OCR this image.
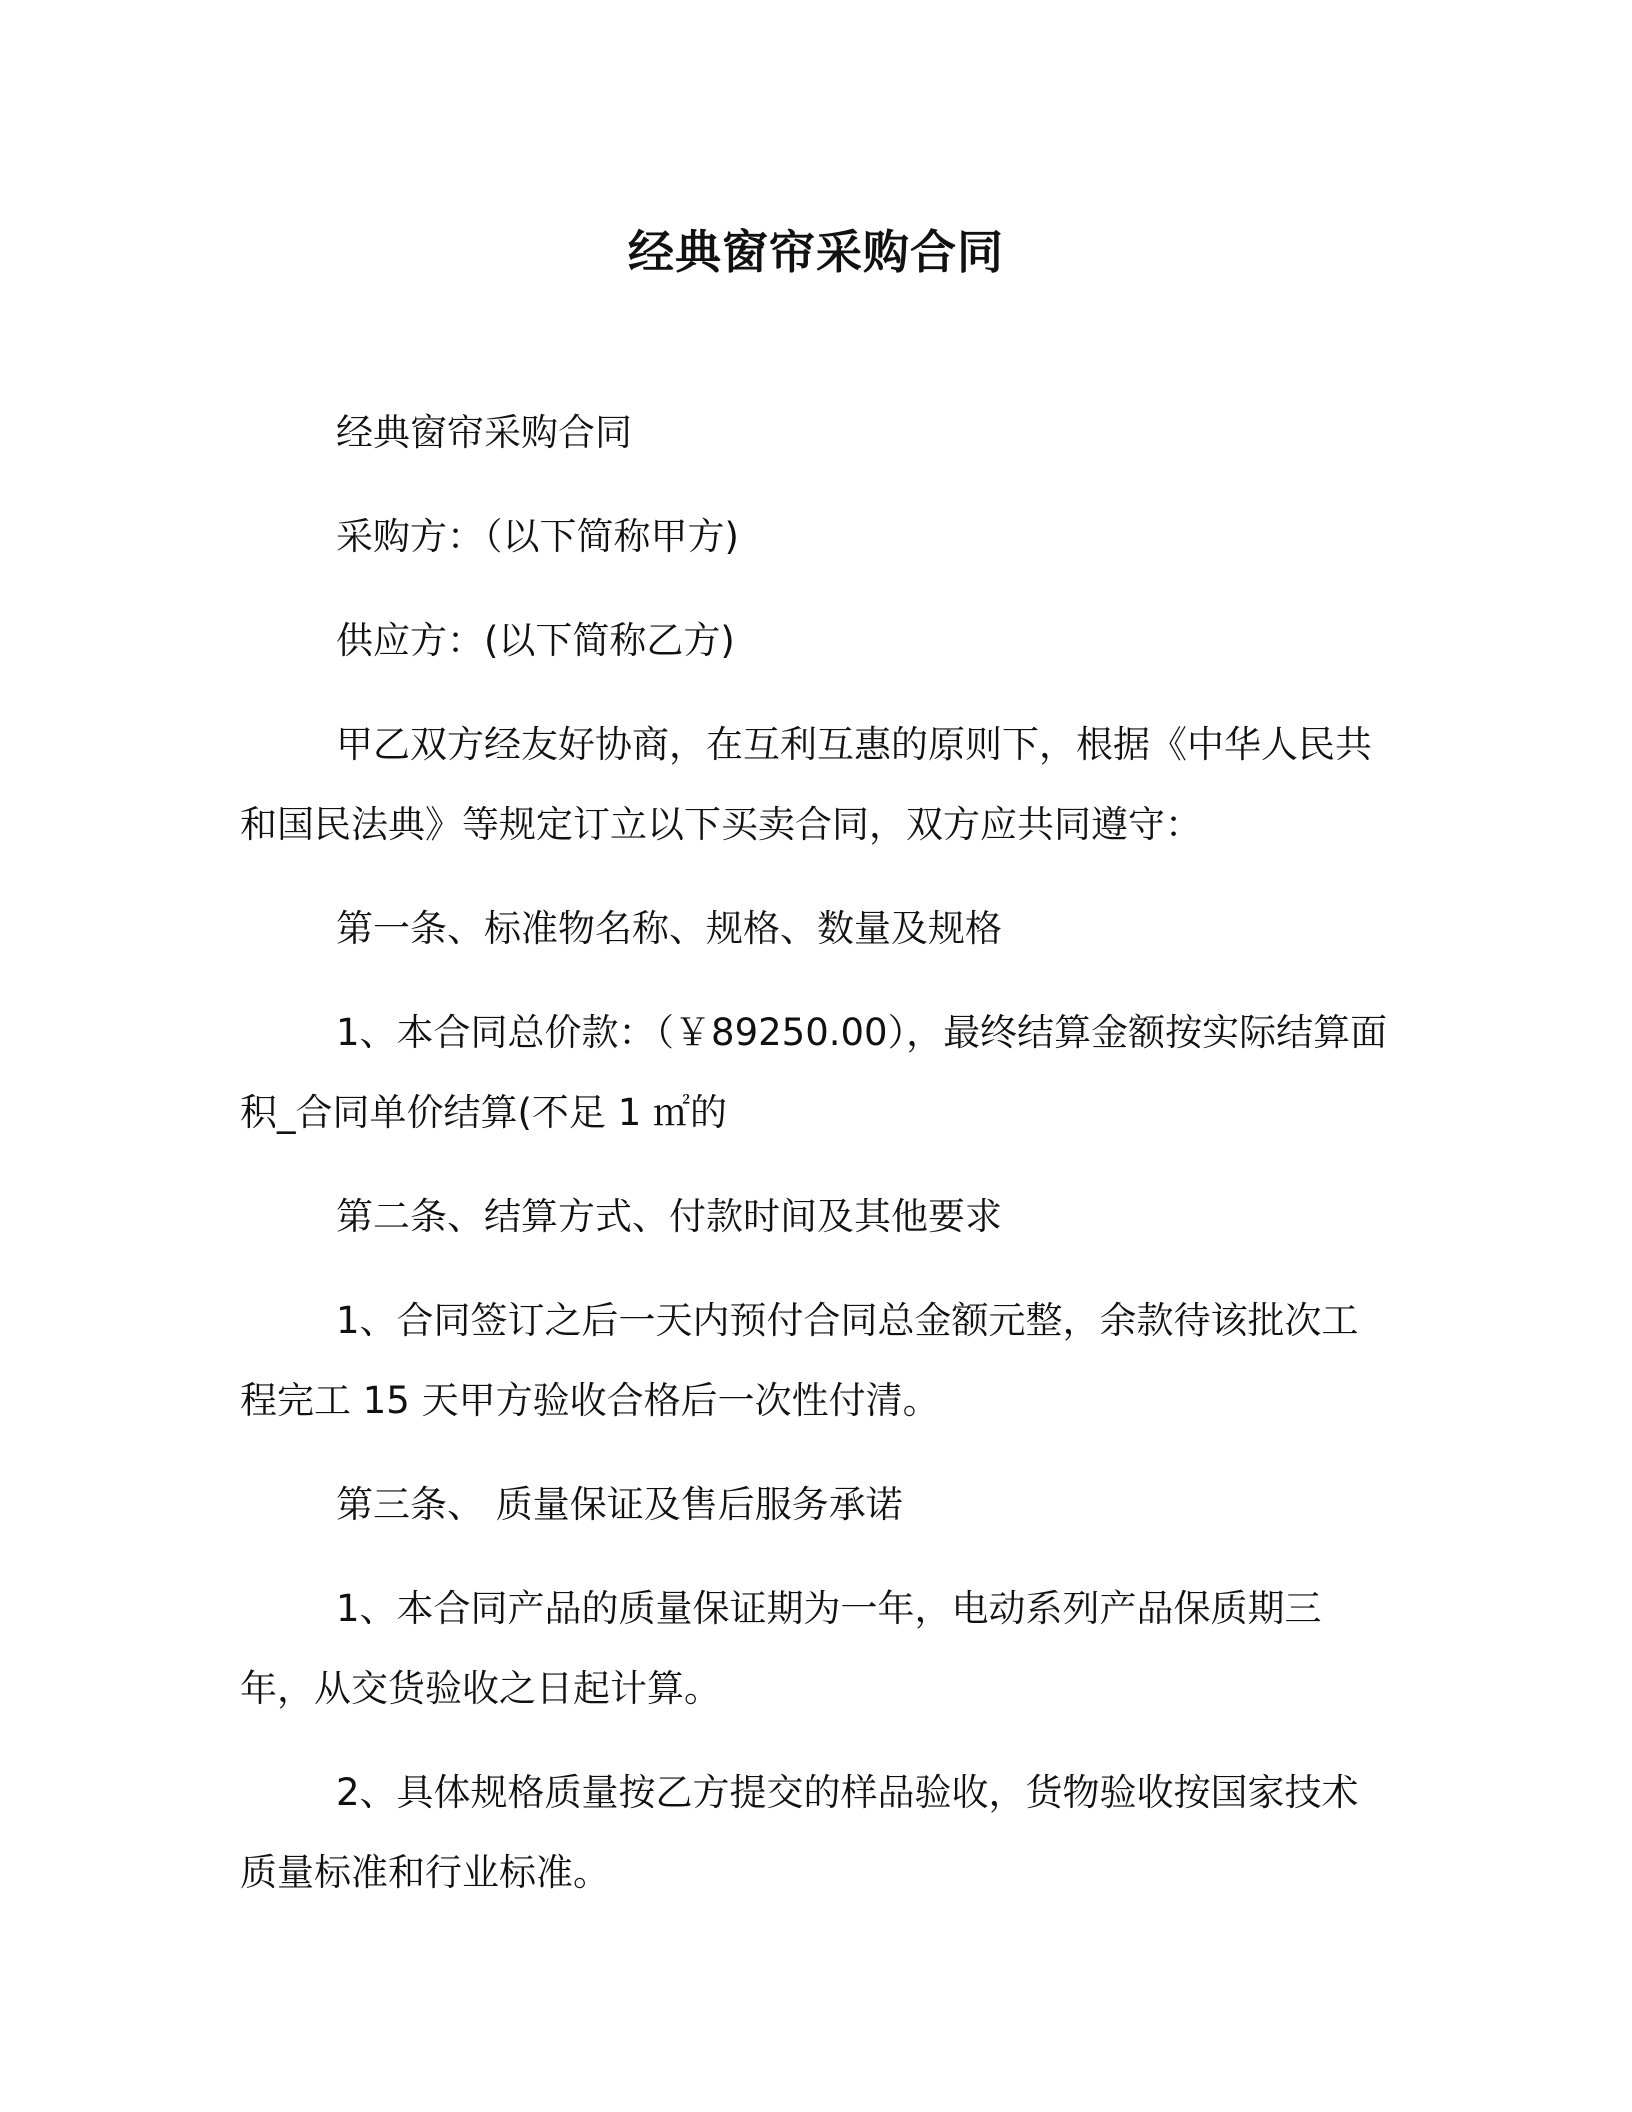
经典窗帘采购合同

经典窗帘采购合同

采购方：（以下简称甲方)

供应方：(以下简称乙方)

甲乙双方经友好协商，在互利互惠的原则下，根据《中华人民共和国民法典》等规定订立以下买卖合同，双方应共同遵守：

第一条、标准物名称、规格、数量及规格

1、本合同总价款：（￥89250.00），最终结算金额按实际结算面积_合同单价结算(不足 1 ㎡的

第二条、结算方式、付款时间及其他要求

1、合同签订之后一天内预付合同总金额元整，余款待该批次工程完工 15 天甲方验收合格后一次性付清。

第三条、 质量保证及售后服务承诺

1、本合同产品的质量保证期为一年，电动系列产品保质期三年，从交货验收之日起计算。

2、具体规格质量按乙方提交的样品验收，货物验收按国家技术质量标准和行业标准。
